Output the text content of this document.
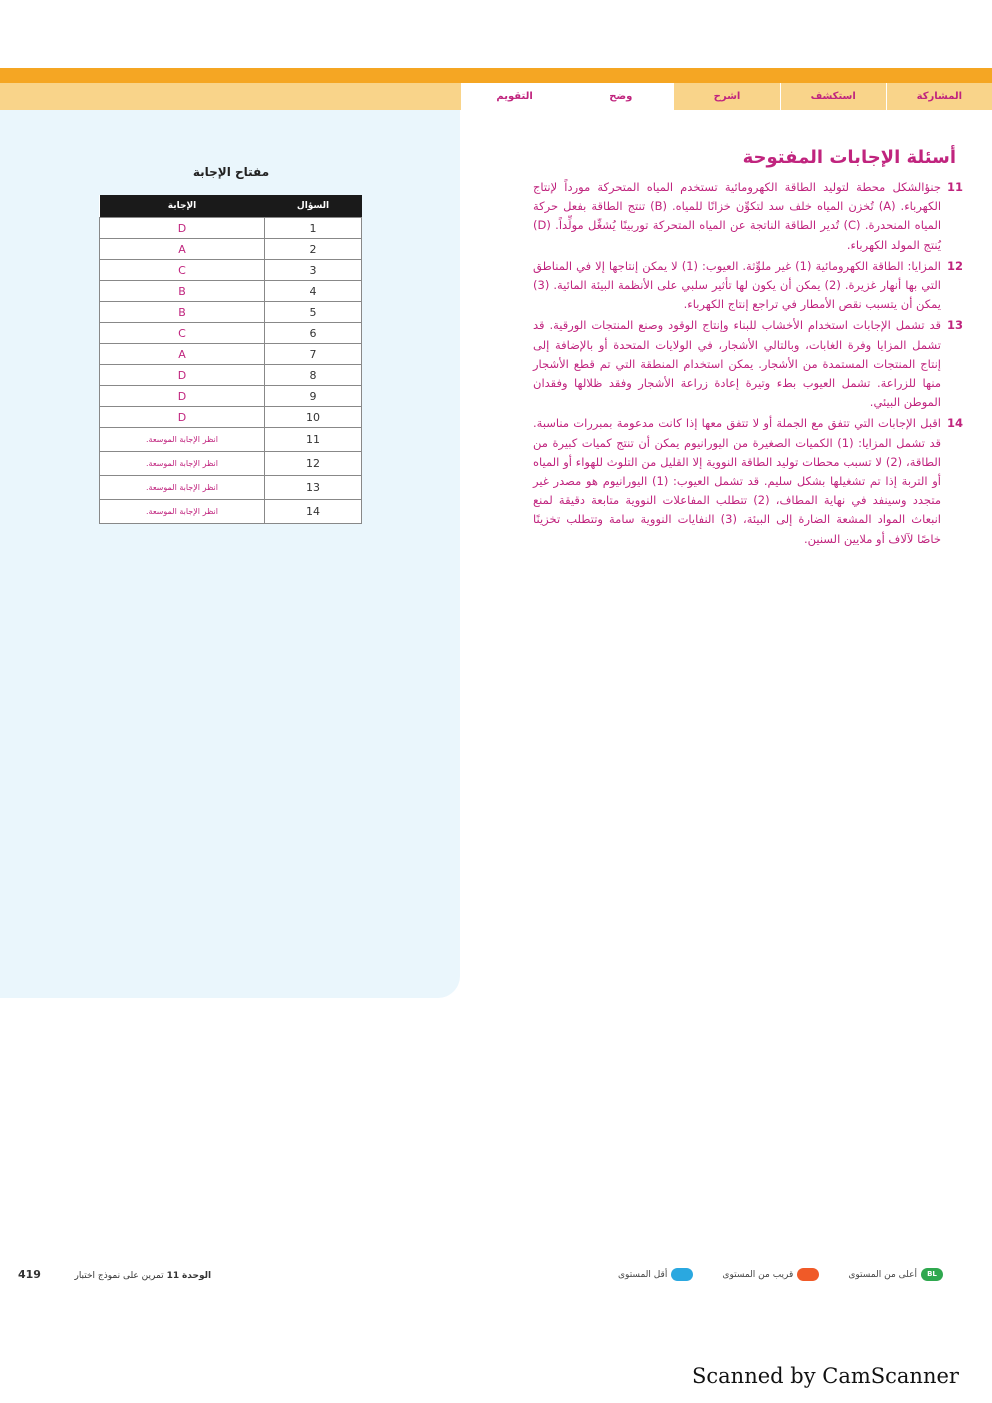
المشاركة
استكشف
اشرح
وضح
التقويم
مفتاح الإجابة
الإجابة	السؤال
D	1
A	2
C	3
B	4
B	5
C	6
A	7
D	8
D	9
D	10
انظر الإجابة الموسعة.	11
انظر الإجابة الموسعة.	12
انظر الإجابة الموسعة.	13
انظر الإجابة الموسعة.	14
أسئلة الإجابات المفتوحة
11
جنؤالشكل محطة لتوليد الطاقة الكهرومائية تستخدم المياه المتحركة مورداً لإنتاج الكهرباء. (A) تُخزن المياه خلف سد لتكوِّن خزانًا للمياه. (B) تنتج الطاقة بفعل حركة المياه المنحدرة. (C) تُدير الطاقة الناتجة عن المياه المتحركة توربينًا يُشغِّل مولِّداً. (D) يُنتج المولد الكهرباء.
12
المزايا: الطاقة الكهرومائية (1) غير ملوِّثة. العيوب: (1) لا يمكن إنتاجها إلا في المناطق التي بها أنهار غزيرة. (2) يمكن أن يكون لها تأثير سلبي على الأنظمة البيئة المائية. (3) يمكن أن يتسبب نقص الأمطار في تراجع إنتاج الكهرباء.
13
قد تشمل الإجابات استخدام الأخشاب للبناء وإنتاج الوقود وصنع المنتجات الورقية. قد تشمل المزايا وفرة الغابات، وبالتالي الأشجار، في الولايات المتحدة أو بالإضافة إلى إنتاج المنتجات المستمدة من الأشجار. يمكن استخدام المنطقة التي تم قطع الأشجار منها للزراعة. تشمل العيوب بطء وتيرة إعادة زراعة الأشجار وفقد ظلالها وفقدان الموطن البيئي.
14
اقبل الإجابات التي تتفق مع الجملة أو لا تتفق معها إذا كانت مدعومة بمبررات مناسبة. قد تشمل المزايا: (1) الكميات الصغيرة من اليورانيوم يمكن أن تنتج كميات كبيرة من الطاقة، (2) لا تسبب محطات توليد الطاقة النووية إلا القليل من التلوث للهواء أو المياه أو التربة إذا تم تشغيلها بشكل سليم. قد تشمل العيوب: (1) اليورانيوم هو مصدر غير متجدد وسينفد في نهاية المطاف، (2) تتطلب المفاعلات النووية متابعة دقيقة لمنع انبعاث المواد المشعة الضارة إلى البيئة، (3) النفايات النووية سامة وتتطلب تخزينًا خاصًا لآلاف أو ملايين السنين.
419	الوحدة 11 تمرين على نموذج اختبار	أقل المستوى	قريب من المستوى	BL
أعلى من المستوى
Scanned by CamScanner
